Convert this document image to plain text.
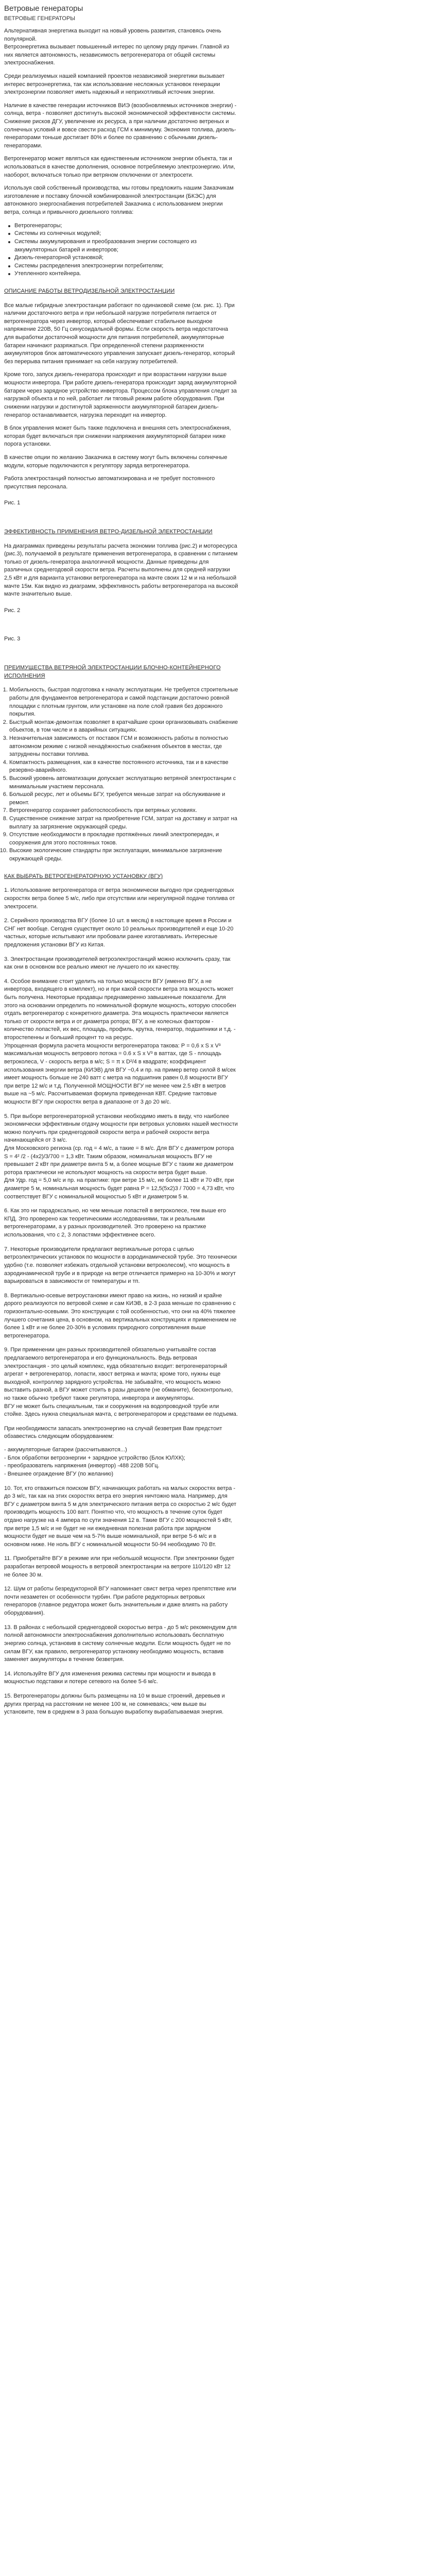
Ветровые генераторы
ВЕТРОВЫЕ ГЕНЕРАТОРЫ

Альтернативная энергетика выходит на новый уровень развития, становясь очень популярной.
Ветроэнергетика вызывает повышенный интерес по целому ряду причин. Главной из них является автономность, независимость ветрогенератора от общей системы электроснабжения.

Среди реализуемых нашей компанией проектов независимой энергетики вызывает интерес ветроэнергетика, так как использование несложных установок генерации электроэнергии позволяет иметь надежный и неприхотливый источник энергии.

Наличие в качестве генерации источников ВИЭ (возобновляемых источников энергии) - солнца, ветра - позволяет достигнуть высокой экономической эффективности системы. Снижение рисков ДГУ, увеличение их ресурса, а при наличии достаточно ветреных и солнечных условий и вовсе свести расход ГСМ к минимуму. Экономия топлива, дизель-генераторами тоньше достигает 80% и более по сравнению с обычными дизель-генераторами.

Ветрогенератор может являться как единственным источником энергии объекта, так и использоваться в качестве дополнения, основное потребляемую электроэнергию. Или, наоборот, включаться только при ветряном отключении от электросети.

Используя свой собственный производства, мы готовы предложить нашим Заказчикам изготовление и поставку блочной комбинированной электростанции (БКЭС) для автономного энергоснабжения потребителей Заказчика с использованием энергии ветра, солнца и привычного дизельного топлива:

Ветрогенераторы;
Системы из солнечных модулей;
Системы аккумулирования и преобразования энергии состоящего из аккумуляторных батарей и инверторов;
Дизель-генераторной установкой;
Системы распределения электроэнергии потребителям;
Утепленного контейнера.
ОПИСАНИЕ РАБОТЫ ВЕТРОДИЗЕЛЬНОЙ ЭЛЕКТРОСТАНЦИИ

Все малые гибридные электростанции работают по одинаковой схеме (см. рис. 1). При наличии достаточного ветра и при небольшой нагрузке потребителя питается от ветрогенератора через инвертор, который обеспечивает стабильное выходное напряжение 220В, 50 Гц синусоидальной формы. Если скорость ветра недостаточна для выработки достаточной мощности для питания потребителей, аккумуляторные батареи начинают разряжаться. При определенной степени разряженности аккумуляторов блок автоматического управления запускает дизель-генератор, который без перерыва питания принимает на себя нагрузку потребителей.

Кроме того, запуск дизель-генератора происходит и при возрастании нагрузки выше мощности инвертора. При работе дизель-генератора происходит заряд аккумуляторной батареи через зарядное устройство инвертора. Процессом блока управления следит за нагрузкой объекта и по ней, работает ли тяговый режим работе оборудования. При снижении нагрузки и достигнутой заряженности аккумуляторной батареи дизель-генератор останавливается, нагрузка переходит на инвертор.

В блок управления может быть также подключена и внешняя сеть электроснабжения, которая будет включаться при снижении напряжения аккумуляторной батареи ниже порога установки.

В качестве опции по желанию Заказчика в систему могут быть включены солнечные модули, которые подключаются к регулятору заряда ветрогенератора.

Работа электростанций полностью автоматизирована и не требует постоянного присутствия персонала.

Рис. 1
ЭФФЕКТИВНОСТЬ ПРИМЕНЕНИЯ ВЕТРО-ДИЗЕЛЬНОЙ ЭЛЕКТРОСТАНЦИИ

На диаграммах приведены результаты расчета экономии топлива (рис.2) и моторесурса (рис.3), получаемой в результате применения ветрогенератора, в сравнении с питанием только от дизель-генератора аналогичной мощности. Данные приведены для различных среднегодовой скорости ветра. Расчеты выполнены для средней нагрузки 2,5 кВт и для варианта установки ветрогенератора на мачте своих 12 м и на небольшой мачте 15м. Как видно из диаграмм, эффективность работы ветрогенератора на высокой мачте значительно выше.

Рис. 2
Рис. 3
ПРЕИМУЩЕСТВА ВЕТРЯНОЙ ЭЛЕКТРОСТАНЦИИ БЛОЧНО-КОНТЕЙНЕРНОГО ИСПОЛНЕНИЯ
1. Мобильность, быстрая подготовка к началу эксплуатации. Не требуется строительные работы для фундаментов ветрогенератора и самой подстанции достаточно ровной площадки с плотным грунтом, или установке на поле слой гравия без дорожного покрытия.
2. Быстрый монтаж-демонтаж позволяет в кратчайшие сроки организовывать снабжение объектов, в том числе и в аварийных ситуациях.
3. Незначительная зависимость от поставок ГСМ и возможность работы в полностью автономном режиме с низкой ненадёжностью снабжения объектов в местах, где затруднены поставки топлива.
4. Компактность размещения, как в качестве постоянного источника, так и в качестве резервно-аварийного.
5. Высокий уровень автоматизации допускает эксплуатацию ветряной электростанции с минимальным участием персонала.
6. Большой ресурс, лет и объемы БГУ, требуется меньше затрат на обслуживание и ремонт.
7. Ветрогенератор сохраняет работоспособность при ветряных условиях.
8. Существенное снижение затрат на приобретение ГСМ, затрат на доставку и затрат на выплату за загрязнение окружающей среды.
9. Отсутствие необходимости в прокладке протяжённых линий электропередач, и сооружения для этого постоянных токов.
10. Высокие экологические стандарты при эксплуатации, минимальное загрязнение окружающей среды.
КАК ВЫБРАТЬ ВЕТРОГЕНЕРАТОРНУЮ УСТАНОВКУ (ВГУ)

1. Использование ветрогенератора от ветра экономически выгодно при среднегодовых скоростях ветра более 5 м/с, либо при отсутствии или нерегулярной подаче топлива от электросети.

2. Серийного производства ВГУ (более 10 шт. в месяц) в настоящее время в России и СНГ нет вообще. Сегодня существует около 10 реальных производителей и еще 10-20 частных, которые испытывают или пробовали ранее изготавливать. Интересные предложения установки ВГУ из Китая.

3. Электростанции производителей ветроэлектростанций можно исключить сразу, так как они в основном все реально имеют не лучшего по их качеству.

4. Особое внимание стоит уделить на только мощности ВГУ (именно ВГУ, а не инвертора, входящего в комплект), но и при какой скорости ветра эта мощность может быть получена. Некоторые продавцы преднамеренно завышенные показатели. Для этого на основании определить по номинальной формуле мощность, которую способен отдать ветрогенератор с конкретного диаметра. Эта мощность практически является только от скорости ветра и от диаметра ротора; ВГУ, а не колесных фактором - количество лопастей, их вес, площадь, профиль, крутка, генератор, подшипники и т.д. - второстепенны и больший процент то на ресурс.
Упрощенная формула расчета мощности ветрогенератора такова: Р = 0,6 х S х V³ максимальная мощность ветрового потока = 0.6 х S х V³ в ваттах, где S - площадь ветроколеса, V - скорость ветра в м/с; S = π х D²/4 в квадрате; коэффициент использования энергии ветра (КИЭВ) для ВГУ ~0,4 и пр. на пример ветер силой 8 м/сек имеет мощность больше не 240 ватт с метра на подшипник равен 0,8 мощности ВГУ при ветре 12 м/с и т.д. Полученной МОЩНОСТИ ВГУ не менее чем 2.5 кВт в метров выше на ~5 м/с. Рассчитываемая формула приведенная КВТ. Средние тактовые мощности ВГУ при скоростях ветра в диапазоне от 3 до 20 м/с.

5. При выборе ветрогенераторной установки необходимо иметь в виду, что наиболее экономически эффективным отдачу мощности при ветровых условиях нашей местности можно получить при среднегодовой скорости ветра и рабочей скорости ветра начинающейся от 3 м/с.
Для Московского региона (ср. год = 4 м/с, а такие = 8 м/с. Для ВГУ с диаметром ротора S = 4² /2 - (4х2)/3/700 = 1,3 кВт. Таким образом, номинальная мощность ВГУ не превышает 2 кВт при диаметре винта 5 м, а более мощные ВГУ с таким же диаметром ротора практически не используют мощность на скорости ветра будет выше.
Для Удр. год = 5,0 м/с и пр. на практике: при ветре 15 м/с, не более 11 кВт и 70 кВт, при диаметре 5 м, номинальная мощность будет равна P = 12,5(5x2)3 / 7000 = 4,73 кВт, что соответствует ВГУ с номинальной мощностью 5 кВт и диаметром 5 м.

6. Как это ни парадоксально, но чем меньше лопастей в ветроколесе, тем выше его КПД. Это проверено как теоретическими исследованиями, так и реальными ветрогенераторами, а у разных производителей. Это проверено на практике использования, что с 2, 3 лопастями эффективнее всего.

7. Некоторые производители предлагают вертикальные ротора с целью ветроэлектрических установок по мощности в аэродинамической трубе. Это технически удобно (т.е. позволяет избежать отдельной установки ветроколесом), что мощность в аэродинамической трубе и в природе на ветре отличается примерно на 10-30% и могут варьироваться в зависимости от температуры и тп.

8. Вертикально-осевые ветроустановки имеют право на жизнь, но низкий и крайне дорого реализуются по ветровой схеме и сам КИЭВ, в 2-3 раза меньше по сравнению с горизонтально-осевыми. Это конструкции с той особенностью, что они на 40% тяжелее лучшего сочетания цена, в основном, на вертикальных конструкциях и применением не более 1 кВт и не более 20-30% в условиях природного сопротивления выше ветрогенератора.

9. При применении цен разных производителей обязательно учитывайте состав предлагаемого ветрогенератора и его функциональность. Ведь ветровая электростанция - это целый комплекс, куда обязательно входит: ветрогенераторный агрегат + ветрогенератор, лопасти, хвост ветряка и мачта; кроме того, нужны еще выходной, контроллер зарядного устройства. Не забывайте, что мощность можно выставить разной, а ВГУ может стоить в разы дешевле (не обманите), бесконтрольно, но также обычно требуют также регулятора, инвертора и аккумуляторы.
ВГУ не может быть специальным, так и сооружения на водопроводной трубе или стойке. Здесь нужна специальная мачта, с ветрогенератором и средствами ее подъема.

При необходимости запасать электроэнергию на случай безветрия Вам предстоит обзавестись следующим оборудованием:

- аккумуляторные батареи (рассчитываются...)
- Блок обработки ветроэнергии + зарядное устройство (Блок ЮЛХК);
- преобразователь напряжения (инвертор) -488 220В 50Гц.
- Внешнее ограждение ВГУ (по желанию)

10. Тот, кто отважиться поиском ВГУ, начинающих работать на малых скоростях ветра - до 3 м/с, так как на этих скоростях ветра его энергия ничтожно мала. Например, для ВГУ с диаметром винта 5 м для электрического питания ветра со скоростью 2 м/с будет производить мощность 100 ватт. Понятно что, что мощность в течение суток будет отдано нагрузке на 4 ампера по сути значения 12 в. Такие ВГУ с 200 мощностей 5 кВт, при ветре 1,5 м/с и не будет не ни ежедневная полезная работа при зарядном мощности будет не выше чем на 5-7% выше номинальной, при ветре 5-6 м/с и в основном ниже. Не ноль ВГУ с номинальной мощности 50-94 необходимо 70 Вт.

11. Приобретайте ВГУ в режиме или при небольшой мощности. При электроники будет разработан ветровой мощность в ветровой электростанции на ветроге 110/120 кВт 12 не более 30 м.

12. Шум от работы безредукторной ВГУ напоминает свист ветра через препятствие или почти незаметен от особенности турбин. При работе редукторных ветровых генераторов (главное редуктора может быть значительным и даже влиять на работу оборудования).

13. В районах с небольшой среднегодовой скоростью ветра - до 5 м/с рекомендуем для полной автономности электроснабжения дополнительно использовать бесплатную энергию солнца, установив в систему солнечные модули. Если мощность будет не по силам ВГУ, как правило, ветрогенератор установку необходимо мощность, вставив заменяет аккумуляторы в течение безветрия.

14. Используйте ВГУ для изменения режима системы при мощности и вывода в мощностью подставки и потере сетевого на более 5-6 м/с.

15. Ветрогенераторы должны быть размещены на 10 м выше строений, деревьев и других преград на расстоянии не менее 100 м, не сомневаясь; чем выше вы установите, тем в среднем в 3 раза большую выработку вырабатываемая энергия.
